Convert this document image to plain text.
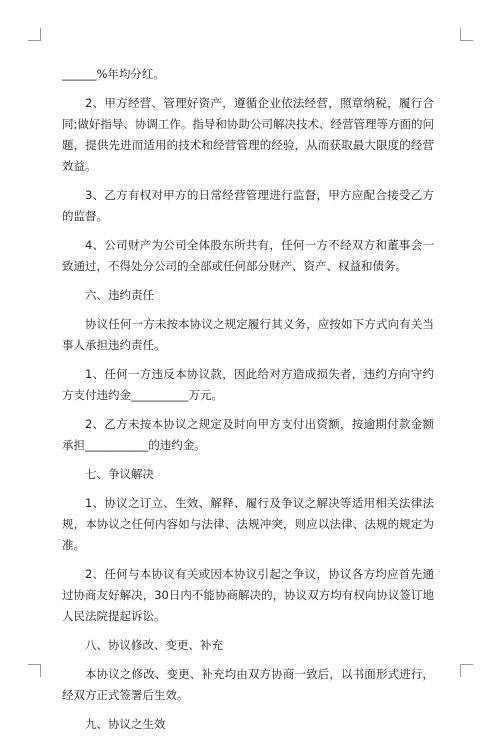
______%年均分红。

2、甲方经营、管理好资产，遵循企业依法经营，照章纳税，履行合同;做好指导、协调工作。指导和协助公司解决技术、经营管理等方面的问题，提供先进而适用的技术和经营管理的经验，从而获取最大限度的经营效益。

3、乙方有权对甲方的日常经营管理进行监督，甲方应配合接受乙方的监督。

4、公司财产为公司全体股东所共有，任何一方不经双方和董事会一致通过，不得处分公司的全部或任何部分财产、资产、权益和债务。

六、违约责任

协议任何一方未按本协议之规定履行其义务，应按如下方式向有关当事人承担违约责任。

1、任何一方违反本协议款，因此给对方造成损失者，违约方向守约方支付违约金__________万元。

2、乙方未按本协议之规定及时向甲方支付出资额，按逾期付款金额承担___________的违约金。

七、争议解决

1、协议之订立、生效、解释、履行及争议之解决等适用相关法律法规，本协议之任何内容如与法律、法规冲突，则应以法律、法规的规定为准。

2、任何与本协议有关或因本协议引起之争议，协议各方均应首先通过协商友好解决，30日内不能协商解决的，协议双方均有权向协议签订地人民法院提起诉讼。

八、协议修改、变更、补充

本协议之修改、变更、补充均由双方协商一致后，以书面形式进行，经双方正式签署后生效。

九、协议之生效
